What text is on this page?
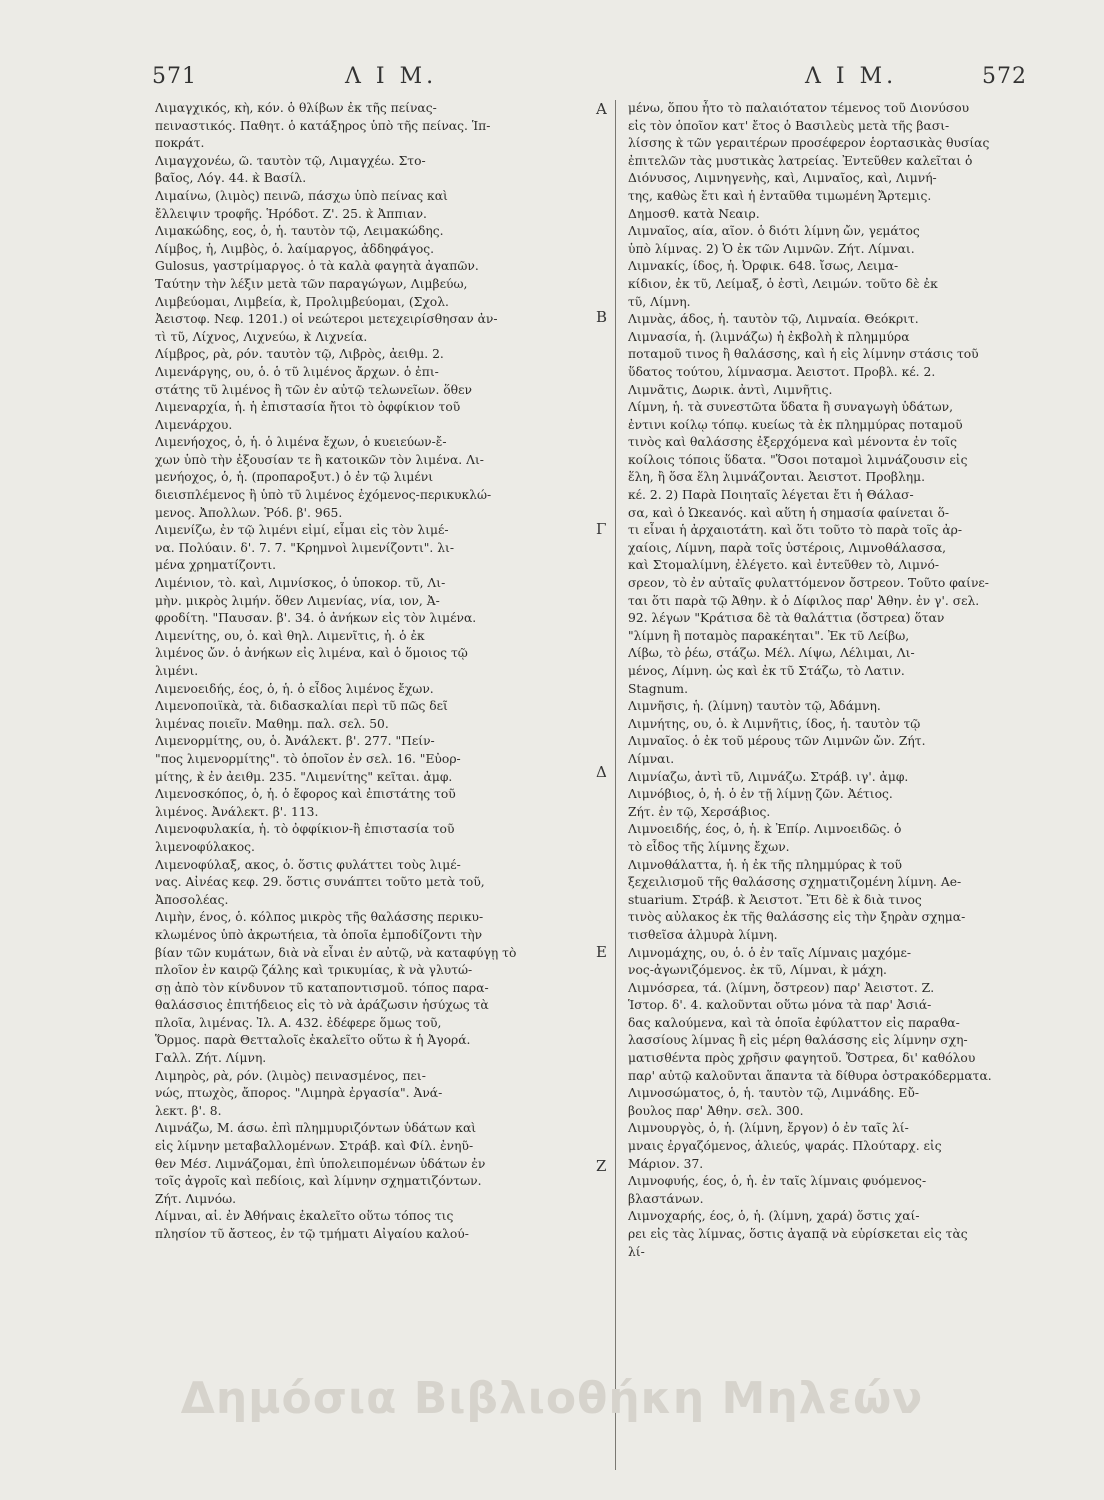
571	Λ Ι Μ.	Λ Ι Μ.	572
Λιμαγχικός, κὴ, κόν. ὁ θλίβων ἐκ τῆς πείνας-
πειναστικός. Παθητ. ὁ κατάξηρος ὑπὸ τῆς πείνας. Ἱπ-
ποκράτ.
Λιμαγχονέω, ῶ. ταυτὸν τῷ, Λιμαγχέω. Στο-
βαῖος, Λόγ. 44. κ̀ Βασίλ.
Λιμαίνω, (λιμὸς) πεινῶ, πάσχω ὑπὸ πείνας καὶ
ἔλλειψιν τροφῆς. Ἡρόδοτ. Ζ'. 25. κ̀ Ἀππιαν.
Λιμακώδης, εος, ὁ, ἡ. ταυτὸν τῷ, Λειμακώδης.
Λίμβος, ἡ, Λιμβὸς, ὁ. λαίμαργος, ἀδδηφάγος.
Gulosus, γαστρίμαργος. ὁ τὰ καλὰ φαγητὰ ἀγαπῶν.
Ταύτην τὴν λέξιν μετὰ τῶν παραγώγων, Λιμβεύω,
Λιμβεύομαι, Λιμβεία, κ̀, Προλιμβεύομαι, (Σχολ.
Ἀειστοφ. Νεφ. 1201.) οἱ νεώτεροι μετεχειρίσθησαν ἀν-
τὶ τῦ, Λίχνος, Λιχνεύω, κ̀ Λιχνεία.
Λίμβρος, ρὰ, ρόν. ταυτὸν τῷ, Λιβρὸς, ἀειθμ. 2.
Λιμενάργης, ου, ὁ. ὁ τῦ λιμένος ἄρχων. ὁ ἐπι-
στάτης τῦ λιμένος ἢ τῶν ἐν αὐτῷ τελωνεῖων. ὅθεν
Λιμεναρχία, ἡ. ἡ ἐπιστασία ἤτοι τὸ ὀφφίκιον τοῦ
Λιμενάρχου.
Λιμενήοχος, ὁ, ἡ. ὁ λιμένα ἔχων, ὁ κυειεύων-ἔ-
χων ὑπὸ τὴν ἐξουσίαν τε ἢ κατοικῶν τὸν λιμένα. Λι-
μενήοχος, ὁ, ἡ. (προπαροξυτ.) ὁ ἐν τῷ λιμένι
διεισπλέμενος ἢ ὑπὸ τῦ λιμένος ἐχόμενος-περικυκλώ-
μενος. Ἀπολλων. Ῥόδ. β'. 965.
Λιμενίζω, ἐν τῷ λιμένι εἰμί, εἶμαι εἰς τὸν λιμέ-
να. Πολύαιν. δ'. 7. 7. "Κρημνοὶ λιμενίζοντι". λι-
μένα χρηματίζοντι.
Λιμένιον, τὸ. καὶ, Λιμνίσκος, ὁ ὑποκορ. τῦ, Λι-
μὴν. μικρὸς λιμήν. ὅθεν Λιμενίας, νία, ιον, Ἀ-
φροδίτη. "Παυσαν. β'. 34. ὁ ἀνήκων εἰς τὸν λιμένα.
Λιμενίτης, ου, ὁ. καὶ θηλ. Λιμενῖτις, ἡ. ὁ ἐκ
λιμένος ὤν. ὁ ἀνήκων εἰς λιμένα, καὶ ὁ ὅμοιος τῷ
λιμένι.
Λιμενοειδής, έος, ὁ, ἡ. ὁ εἶδος λιμένος ἔχων.
Λιμενοποιϊκὰ, τὰ. διδασκαλίαι περὶ τῦ πῶς δεῖ
λιμένας ποιεῖν. Μαθημ. παλ. σελ. 50.
Λιμενορμίτης, ου, ὁ. Ἀνάλεκτ. β'. 277. "Πείν-
"πος λιμενορμίτης". τὸ ὁποῖον ἐν σελ. 16. "Εὐορ-
μίτης, κ̀ ἐν ἀειθμ. 235. "Λιμενίτης" κεῖται. ἀμφ.
Λιμενοσκόπος, ὁ, ἡ. ὁ ἔφορος καὶ ἐπιστάτης τοῦ
λιμένος. Ἀνάλεκτ. β'. 113.
Λιμενοφυλακία, ἡ. τὸ ὀφφίκιον-ἢ ἐπιστασία τοῦ
λιμενοφύλακος.
Λιμενοφύλαξ, ακος, ὁ. ὅστις φυλάττει τοὺς λιμέ-
νας. Αἰνέας κεφ. 29. ὅστις συνάπτει τοῦτο μετὰ τοῦ,
Ἀποσολέας.
Λιμὴν, ένος, ὁ. κόλπος μικρὸς τῆς θαλάσσης περικυ-
κλωμένος ὑπὸ ἀκρωτήεια, τὰ ὁποῖα ἐμποδίζοντι τὴν
βίαν τῶν κυμάτων, διὰ νὰ εἶναι ἐν αὐτῷ, νὰ καταφύγῃ τὸ
πλοῖον ἐν καιρῷ ζάλης καὶ τρικυμίας, κ̀ νὰ γλυτώ-
σῃ ἀπὸ τὸν κίνδυνον τῦ καταποντισμοῦ. τόπος παρα-
θαλάσσιος ἐπιτήδειος εἰς τὸ νὰ ἀράζωσιν ἡσύχως τὰ
πλοῖα, λιμένας. Ἰλ. Α. 432. ἐδέφερε ὅμως τοῦ,
Ὅρμος. παρὰ Θετταλοῖς ἐκαλεῖτο οὕτω κ̀ ἡ Ἀγορά.
Γαλλ. Ζήτ. Λίμνη.
Λιμηρὸς, ρὰ, ρόν. (λιμὸς) πεινασμένος, πει-
νώς, πτωχὸς, ἄπορος. "Λιμηρὰ ἐργασία". Ἀνά-
λεκτ. β'. 8.
Λιμνάζω, Μ. άσω. ἐπὶ πλημμυριζόντων ὑδάτων καὶ
εἰς λίμνην μεταβαλλομένων. Στράβ. καὶ Φίλ. ἐνηῦ-
θεν Μέσ. Λιμνάζομαι, ἐπὶ ὑπολειπομένων ὑδάτων ἐν
τοῖς ἀγροῖς καὶ πεδίοις, καὶ λίμνην σχηματιζόντων.
Ζήτ. Λιμνόω.
Λίμναι, αἱ. ἐν Ἀθήναις ἐκαλεῖτο οὕτω τόπος τις
πλησίον τῦ ἄστεος, ἐν τῷ τμήματι Αἰγαίου καλού-
Α
Β
Γ
Δ
Ε
Ζ
μένω, ὅπου ἦτο τὸ παλαιότατον τέμενος τοῦ Διονύσου
εἰς τὸν ὁποῖον κατ' ἔτος ὁ Βασιλεὺς μετὰ τῆς βασι-
λίσσης κ̀ τῶν γεραιτέρων προσέφερον ἑορτασικὰς θυσίας
ἐπιτελῶν τὰς μυστικὰς λατρείας. Ἐντεῦθεν καλεῖται ὁ
Διόνυσος, Λιμνηγενὴς, καὶ, Λιμναῖος, καὶ, Λιμνή-
της, καθὼς ἔτι καὶ ἡ ἐνταῦθα τιμωμένη Ἄρτεμις.
Δημοσθ. κατὰ Νεαιρ.
Λιμναῖος, αία, αῖον. ὁ διότι λίμνη ὤν, γεμάτος
ὑπὸ λίμνας. 2) Ὁ ἐκ τῶν Λιμνῶν. Ζήτ. Λίμναι.
Λιμνακίς, ίδος, ἡ. Ὀρφικ. 648. ἴσως, Λειμα-
κίδιον, ἐκ τῦ, Λείμαξ, ὁ ἐστὶ, Λειμών. τοῦτο δὲ ἐκ
τῦ, Λίμνη.
Λιμνὰς, άδος, ἡ. ταυτὸν τῷ, Λιμναία. Θεόκριτ.
Λιμνασία, ἡ. (λιμνάζω) ἡ ἐκβολὴ κ̀ πλημμύρα
ποταμοῦ τινος ἢ θαλάσσης, καὶ ἡ εἰς λίμνην στάσις τοῦ
ὕδατος τούτου, λίμνασμα. Ἀειστοτ. Προβλ. κέ. 2.
Λιμνᾶτις, Δωρικ. ἀντὶ, Λιμνῆτις.
Λίμνη, ἡ. τὰ συνεστῶτα ὕδατα ἢ συναγωγὴ ὑδάτων,
ἐντινι κοίλῳ τόπῳ. κυείως τὰ ἐκ πλημμύρας ποταμοῦ
τινὸς καὶ θαλάσσης ἐξερχόμενα καὶ μένοντα ἐν τοῖς
κοίλοις τόποις ὕδατα. "Ὅσοι ποταμοὶ λιμνάζουσιν εἰς
ἕλη, ἢ ὅσα ἕλη λιμνάζονται. Ἀειστοτ. Προβλημ.
κέ. 2. 2) Παρὰ Ποιηταῖς λέγεται ἔτι ἡ Θάλασ-
σα, καὶ ὁ Ὠκεανός. καὶ αὕτη ἡ σημασία φαίνεται ὅ-
τι εἶναι ἡ ἀρχαιοτάτη. καὶ ὅτι τοῦτο τὸ παρὰ τοῖς ἀρ-
χαίοις, Λίμνη, παρὰ τοῖς ὑστέροις, Λιμνοθάλασσα,
καὶ Στομαλίμνη, ἐλέγετο. καὶ ἐντεῦθεν τὸ, Λιμνό-
σρεον, τὸ ἐν αὐταῖς φυλαττόμενον ὄστρεον. Τοῦτο φαίνε-
ται ὅτι παρὰ τῷ Ἀθην. κ̀ ὁ Δίφιλος παρ' Ἀθην. ἐν γ'. σελ.
92. λέγων "Κράτισα δὲ τὰ θαλάττια (ὄστρεα) ὅταν
"λίμνη ἢ ποταμὸς παρακέηται". Ἐκ τῦ Λείβω,
Λίβω, τὸ ῥέω, στάζω. Μέλ. Λίψω, Λέλιμαι, Λι-
μένος, Λίμνη. ὡς καὶ ἐκ τῦ Στάζω, τὸ Λατιν.
Stagnum.
Λιμνῆσις, ἡ. (λίμνη) ταυτὸν τῷ, Ἀδάμνη.
Λιμνήτης, ου, ὁ. κ̀ Λιμνῆτις, ίδος, ἡ. ταυτὸν τῷ
Λιμναῖος. ὁ ἐκ τοῦ μέρους τῶν Λιμνῶν ὤν. Ζήτ.
Λίμναι.
Λιμνίαζω, ἀντὶ τῦ, Λιμνάζω. Στράβ. ιγ'. ἀμφ.
Λιμνόβιος, ὁ, ἡ. ὁ ἐν τῇ λίμνῃ ζῶν. Ἀέτιος.
Ζήτ. ἐν τῷ, Χερσάβιος.
Λιμνοειδής, έος, ὁ, ἡ. κ̀ Ἐπίρ. Λιμνοειδῶς. ὁ
τὸ εἶδος τῆς λίμνης ἔχων.
Λιμνοθάλαττα, ἡ. ἡ ἐκ τῆς πλημμύρας κ̀ τοῦ
ξεχειλισμοῦ τῆς θαλάσσης σχηματιζομένη λίμνη. Ae-
stuarium. Στράβ. κ̀ Ἀειστοτ. Ἔτι δὲ κ̀ διὰ τινος
τινὸς αὐλακος ἐκ τῆς θαλάσσης εἰς τὴν ξηρὰν σχημα-
τισθεῖσα ἁλμυρὰ λίμνη.
Λιμνομάχης, ου, ὁ. ὁ ἐν ταῖς Λίμναις μαχόμε-
νος-ἀγωνιζόμενος. ἐκ τῦ, Λίμναι, κ̀ μάχη.
Λιμνόσρεα, τά. (λίμνη, ὄστρεον) παρ' Ἀειστοτ. Ζ.
Ἱστορ. δ'. 4. καλοῦνται οὕτω μόνα τὰ παρ' Ἀσιά-
δας καλούμενα, καὶ τὰ ὁποῖα ἐφύλαττον εἰς παραθα-
λασσίους λίμνας ἢ εἰς μέρη θαλάσσης εἰς λίμνην σχη-
ματισθέντα πρὸς χρῆσιν φαγητοῦ. Ὄστρεα, δι' καθόλου
παρ' αὐτῷ καλοῦνται ἅπαντα τὰ δίθυρα ὀστρακόδερματα.
Λιμνοσώματος, ὁ, ἡ. ταυτὸν τῷ, Λιμνάδης. Εὔ-
βουλος παρ' Ἀθην. σελ. 300.
Λιμνουργὸς, ὁ, ἡ. (λίμνη, ἔργον) ὁ ἐν ταῖς λί-
μναις ἐργαζόμενος, ἁλιεύς, ψαράς. Πλούταρχ. εἰς
Μάριον. 37.
Λιμνοφυής, έος, ὁ, ἡ. ἐν ταῖς λίμναις φυόμενος-
βλαστάνων.
Λιμνοχαρής, έος, ὁ, ἡ. (λίμνη, χαρά) ὅστις χαί-
ρει εἰς τὰς λίμνας, ὅστις ἀγαπᾷ νὰ εὑρίσκεται εἰς τὰς
λί-
Δημόσια Βιβλιοθήκη Μηλεών
